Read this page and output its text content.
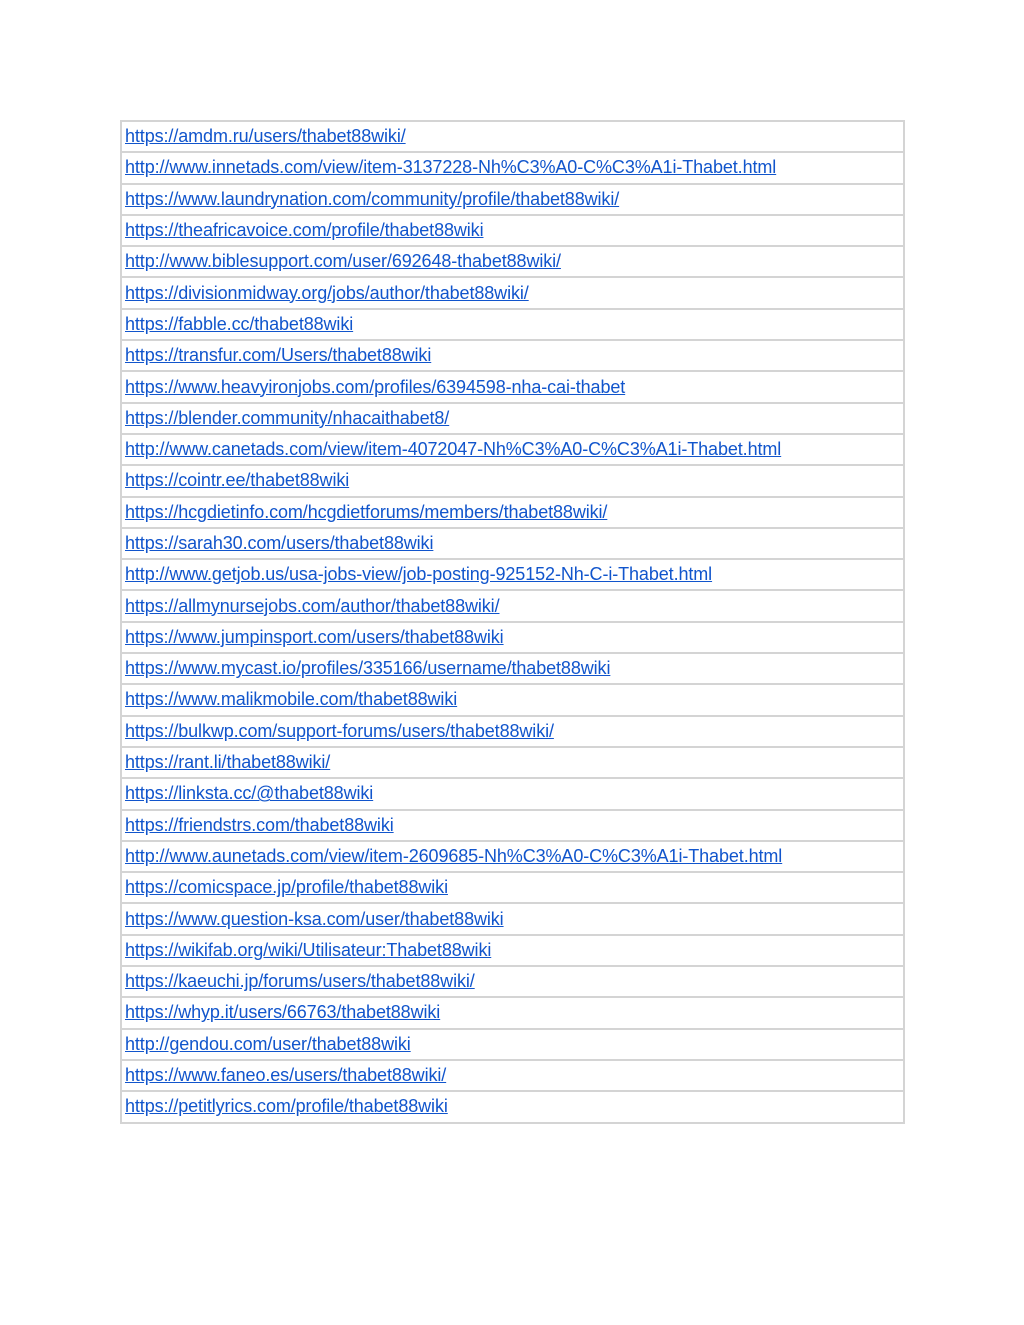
https://amdm.ru/users/thabet88wiki/
http://www.innetads.com/view/item-3137228-Nh%C3%A0-C%C3%A1i-Thabet.html
https://www.laundrynation.com/community/profile/thabet88wiki/
https://theafricavoice.com/profile/thabet88wiki
http://www.biblesupport.com/user/692648-thabet88wiki/
https://divisionmidway.org/jobs/author/thabet88wiki/
https://fabble.cc/thabet88wiki
https://transfur.com/Users/thabet88wiki
https://www.heavyironjobs.com/profiles/6394598-nha-cai-thabet
https://blender.community/nhacaithabet8/
http://www.canetads.com/view/item-4072047-Nh%C3%A0-C%C3%A1i-Thabet.html
https://cointr.ee/thabet88wiki
https://hcgdietinfo.com/hcgdietforums/members/thabet88wiki/
https://sarah30.com/users/thabet88wiki
http://www.getjob.us/usa-jobs-view/job-posting-925152-Nh-C-i-Thabet.html
https://allmynursejobs.com/author/thabet88wiki/
https://www.jumpinsport.com/users/thabet88wiki
https://www.mycast.io/profiles/335166/username/thabet88wiki
https://www.malikmobile.com/thabet88wiki
https://bulkwp.com/support-forums/users/thabet88wiki/
https://rant.li/thabet88wiki/
https://linksta.cc/@thabet88wiki
https://friendstrs.com/thabet88wiki
http://www.aunetads.com/view/item-2609685-Nh%C3%A0-C%C3%A1i-Thabet.html
https://comicspace.jp/profile/thabet88wiki
https://www.question-ksa.com/user/thabet88wiki
https://wikifab.org/wiki/Utilisateur:Thabet88wiki
https://kaeuchi.jp/forums/users/thabet88wiki/
https://whyp.it/users/66763/thabet88wiki
http://gendou.com/user/thabet88wiki
https://www.faneo.es/users/thabet88wiki/
https://petitlyrics.com/profile/thabet88wiki
